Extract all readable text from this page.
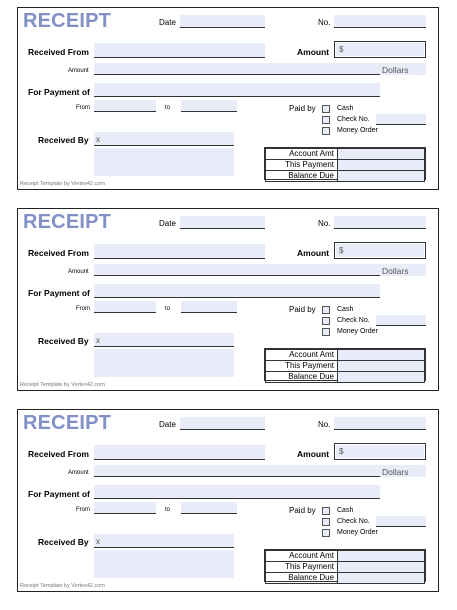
RECEIPT	Date	No.
Received From	Amount $
Amount	Dollars
For Payment of
From	to	Paid by	Cash
Check No.
Money Order
Received By x
Account Amt	
This Payment	
Balance Due	
Receipt Template by Vertex42.com
RECEIPT	Date	No.
Received From	Amount $
Amount	Dollars
For Payment of
From	to	Paid by	Cash
Check No.
Money Order
Received By x
Account Amt	
This Payment	
Balance Due	
Receipt Template by Vertex42.com
RECEIPT	Date	No.
Received From	Amount $
Amount	Dollars
For Payment of
From	to	Paid by	Cash
Check No.
Money Order
Received By x
Account Amt	
This Payment	
Balance Due	
Receipt Template by Vertex42.com
